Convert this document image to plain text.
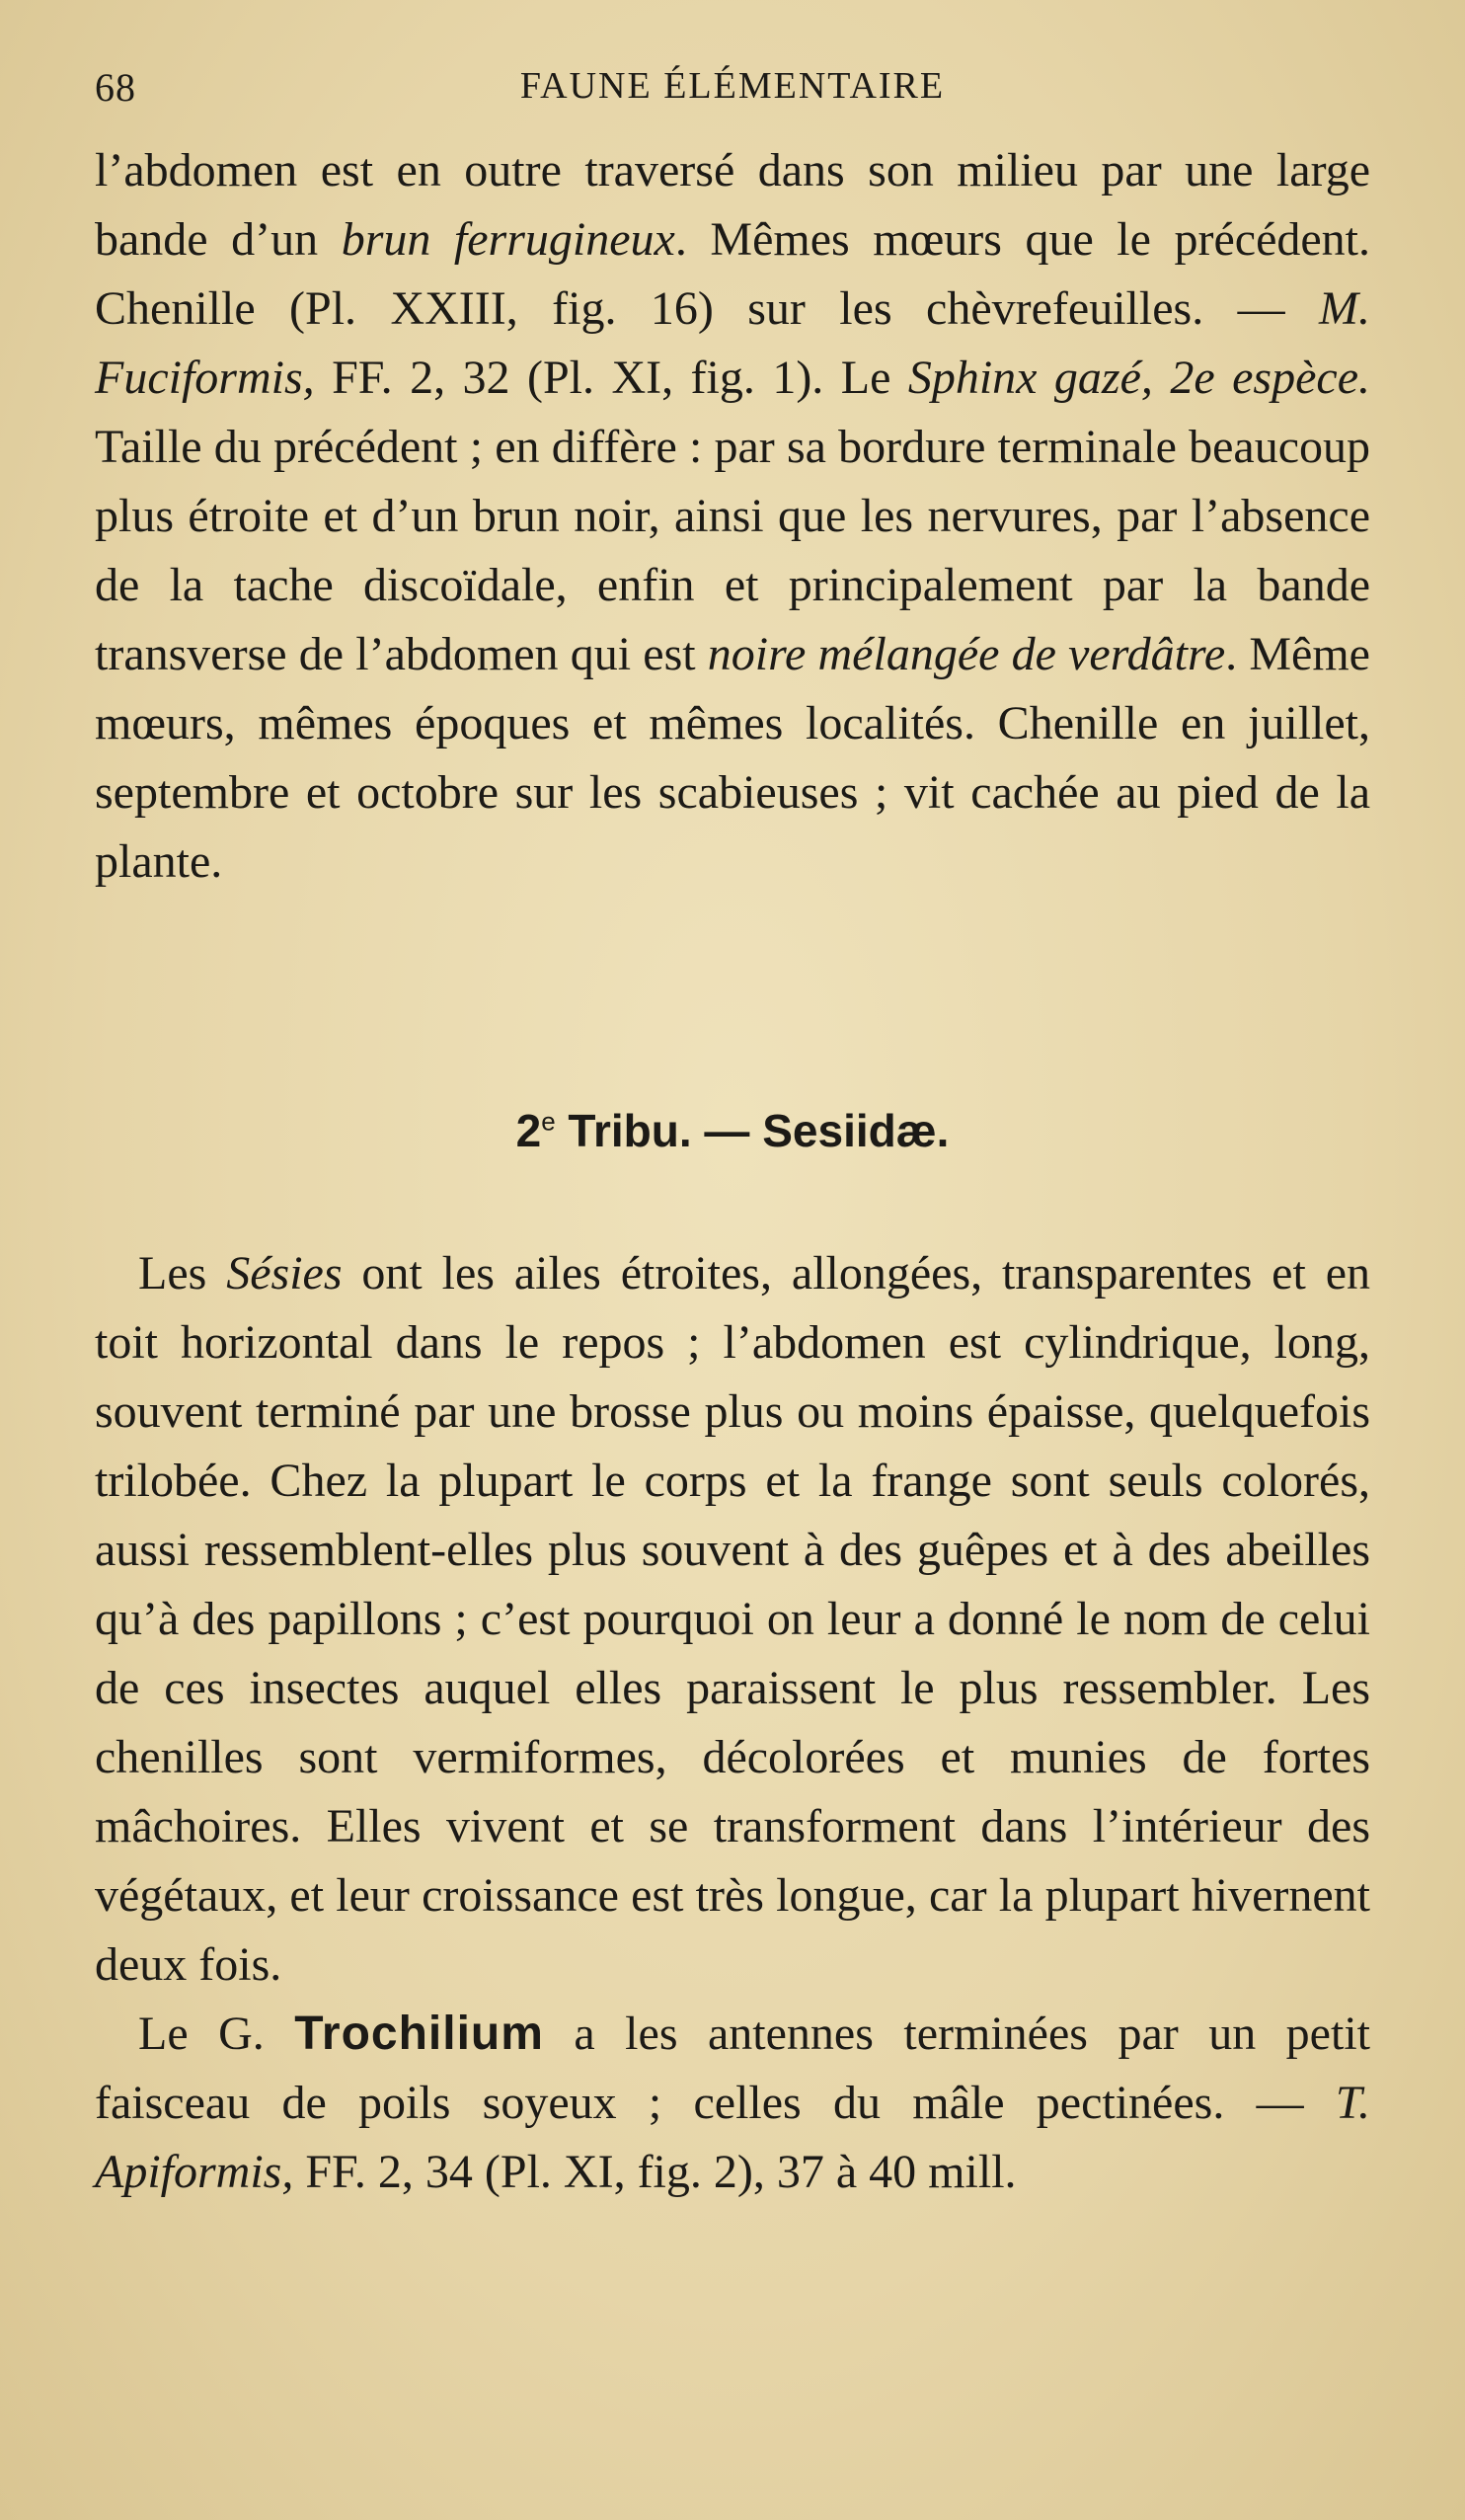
68	FAUNE ÉLÉMENTAIRE

l’abdomen est en outre traversé dans son milieu par une large bande d’un brun ferrugineux. Mêmes mœurs que le précédent. Chenille (Pl. XXIII, fig. 16) sur les chèvrefeuilles. — M. Fuciformis, FF. 2, 32 (Pl. XI, fig. 1). Le Sphinx gazé, 2e espèce. Taille du précédent ; en diffère : par sa bordure terminale beaucoup plus étroite et d’un brun noir, ainsi que les nervures, par l’absence de la tache discoïdale, enfin et principalement par la bande transverse de l’abdomen qui est noire mélangée de verdâtre. Même mœurs, mêmes époques et mêmes localités. Chenille en juillet, septembre et octobre sur les scabieuses ; vit cachée au pied de la plante.

2e Tribu. — Sesiidæ.

Les Sésies ont les ailes étroites, allongées, transparentes et en toit horizontal dans le repos ; l’abdomen est cylindrique, long, souvent terminé par une brosse plus ou moins épaisse, quelquefois trilobée. Chez la plupart le corps et la frange sont seuls colorés, aussi ressemblent-elles plus souvent à des guêpes et à des abeilles qu’à des papillons ; c’est pourquoi on leur a donné le nom de celui de ces insectes auquel elles paraissent le plus ressembler. Les chenilles sont vermiformes, décolorées et munies de fortes mâchoires. Elles vivent et se transforment dans l’intérieur des végétaux, et leur croissance est très longue, car la plupart hivernent deux fois.

Le G. Trochilium a les antennes terminées par un petit faisceau de poils soyeux ; celles du mâle pectinées. — T. Apiformis, FF. 2, 34 (Pl. XI, fig. 2), 37 à 40 mill.
